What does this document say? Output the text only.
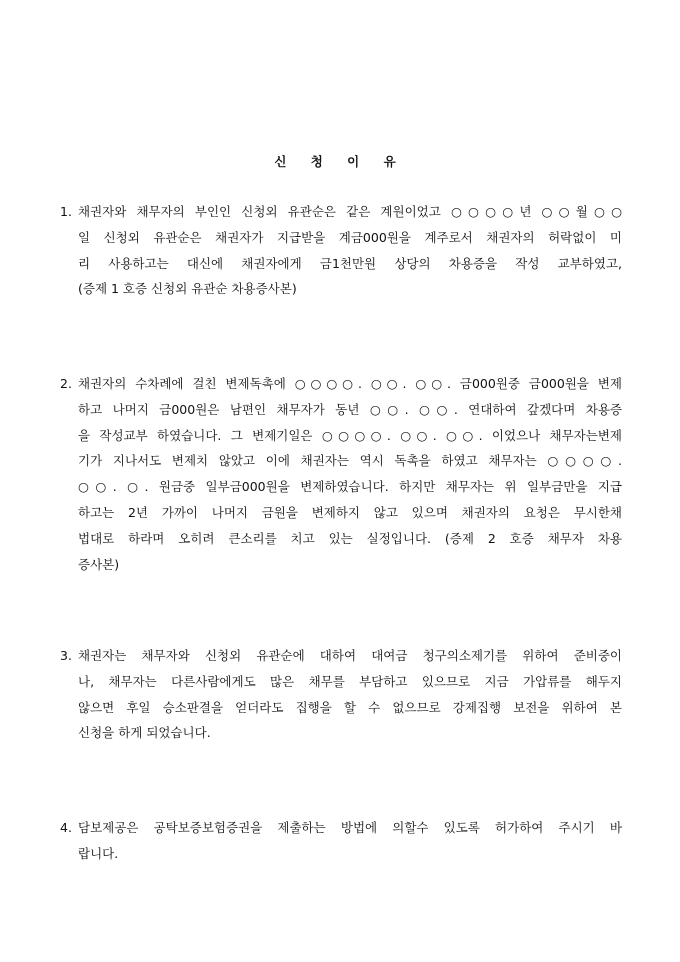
신 청 이 유
1. 채권자와 채무자의 부인인 신청외 유관순은 같은 계원이었고 ○○○○년 ○○월○○
일 신청외 유관순은 채권자가 지급받을 계금000원을 계주로서 채권자의 허락없이 미
리 사용하고는 대신에 채권자에게 금1천만원 상당의 차용증을 작성 교부하였고,
(증제 1 호증 신청외 유관순 차용증사본)
2. 채권자의 수차례에 걸친 변제독촉에 ○○○○. ○○. ○○. 금000원중 금000원을 변제
하고 나머지 금000원은 남편인 채무자가 동년 ○○. ○○. 연대하여 갚겠다며 차용증
을 작성교부 하였습니다. 그 변제기일은 ○○○○. ○○. ○○. 이었으나 채무자는변제
기가 지나서도 변제치 않았고 이에 채권자는 역시 독촉을 하였고 채무자는 ○○○○.
○○. ○. 원금중 일부금000원을 변제하였습니다. 하지만 채무자는 위 일부금만을 지급
하고는 2년 가까이 나머지 금원을 변제하지 않고 있으며 채권자의 요청은 무시한채
법대로 하라며 오히려 큰소리를 치고 있는 실정입니다. (증제 2 호증 채무자 차용
증사본)
3. 채권자는 채무자와 신청외 유관순에 대하여 대여금 청구의소제기를 위하여 준비중이
나, 채무자는 다른사람에게도 많은 채무를 부담하고 있으므로 지금 가압류를 해두지
않으면 후일 승소판결을 얻더라도 집행을 할 수 없으므로 강제집행 보전을 위하여 본
신청을 하게 되었습니다.
4. 담보제공은 공탁보증보험증권을 제출하는 방법에 의할수 있도록 허가하여 주시기 바
랍니다.
